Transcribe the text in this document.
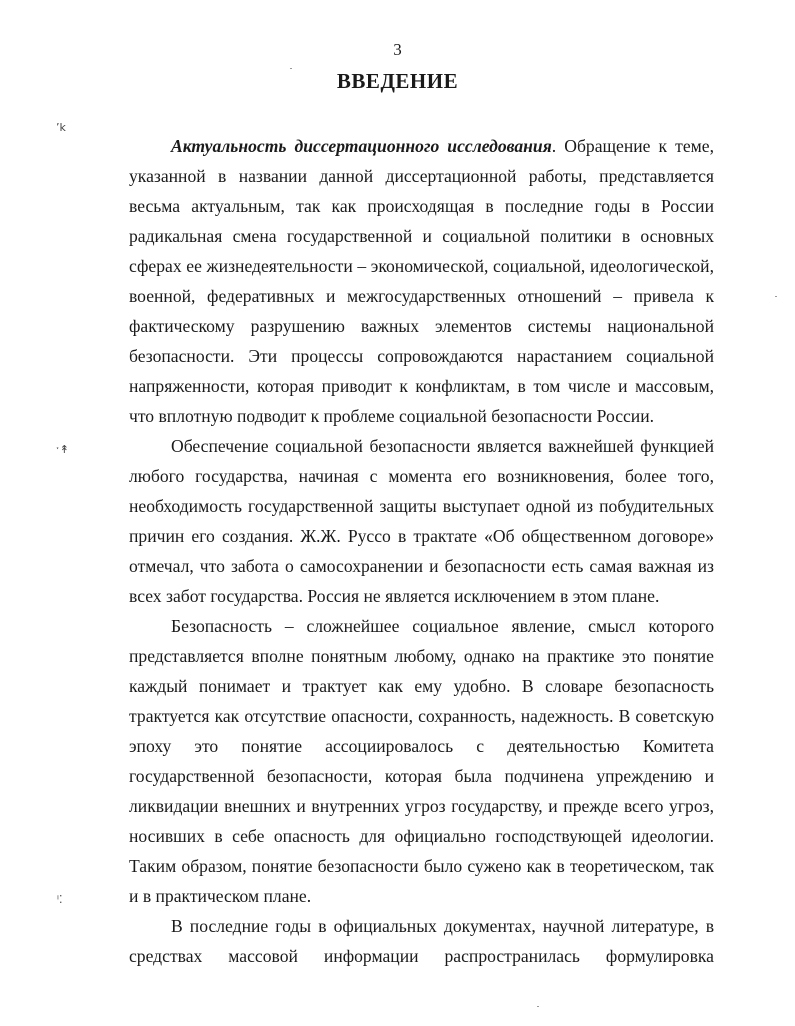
3
ВВЕДЕНИЕ

Актуальность диссертационного исследования. Обращение к теме, указанной в названии данной диссертационной работы, представляется весьма актуальным, так как происходящая в последние годы в России радикальная смена государственной и социальной политики в основных сферах ее жизнедеятельности – экономической, социальной, идеологической, военной, федеративных и межгосударственных отношений – привела к фактическому разрушению важных элементов системы национальной безопасности. Эти процессы сопровождаются нарастанием социальной напряженности, которая приводит к конфликтам, в том числе и массовым, что вплотную подводит к проблеме социальной безопасности России.

Обеспечение социальной безопасности является важнейшей функцией любого государства, начиная с момента его возникновения, более того, необходимость государственной защиты выступает одной из побудительных причин его создания. Ж.Ж. Руссо в трактате «Об общественном договоре» отмечал, что забота о самосохранении и безопасности есть самая важная из всех забот государства. Россия не является исключением в этом плане.

Безопасность – сложнейшее социальное явление, смысл которого представляется вполне понятным любому, однако на практике это понятие каждый понимает и трактует как ему удобно. В словаре безопасность трактуется как отсутствие опасности, сохранность, надежность. В советскую эпоху это понятие ассоциировалось с деятельностью Комитета государственной безопасности, которая была подчинена упреждению и ликвидации внешних и внутренних угроз государству, и прежде всего угроз, носивших в себе опасность для официально господствующей идеологии. Таким образом, понятие безопасности было сужено как в теоретическом, так и в практическом плане.

В последние годы в официальных документах, научной литературе, в средствах массовой информации распространилась формулировка

ʼk
ˑ↟
ⁱ⁚
